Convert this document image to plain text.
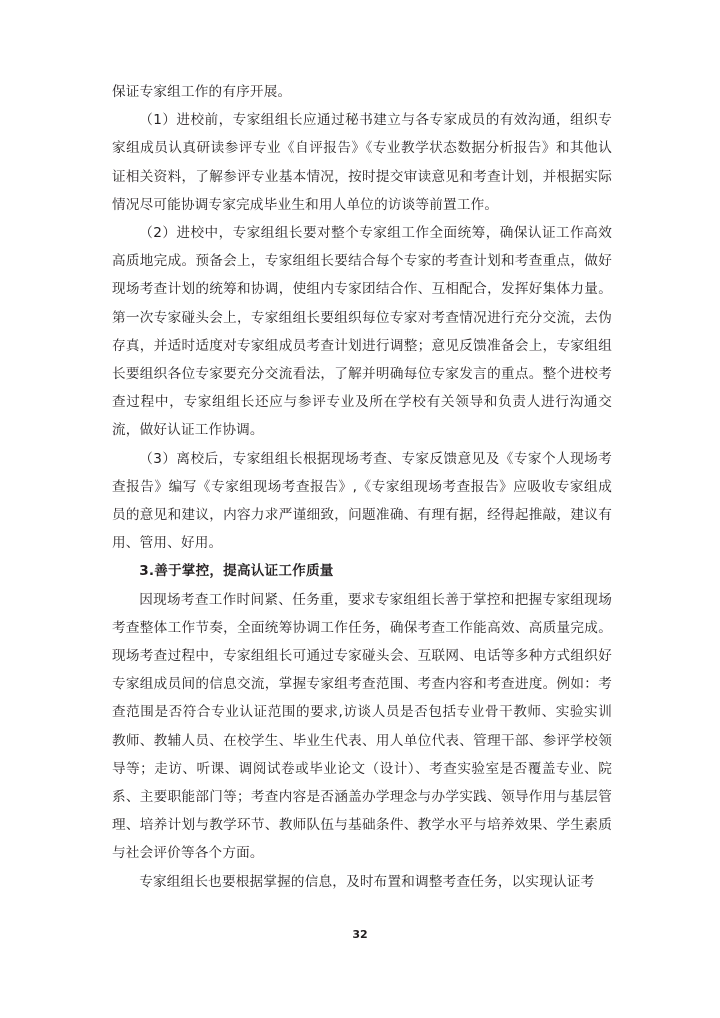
保证专家组工作的有序开展。

（1）进校前，专家组组长应通过秘书建立与各专家成员的有效沟通，组织专家组成员认真研读参评专业《自评报告》《专业教学状态数据分析报告》和其他认证相关资料，了解参评专业基本情况，按时提交审读意见和考查计划，并根据实际情况尽可能协调专家完成毕业生和用人单位的访谈等前置工作。

（2）进校中，专家组组长要对整个专家组工作全面统筹，确保认证工作高效高质地完成。预备会上，专家组组长要结合每个专家的考查计划和考查重点，做好现场考查计划的统筹和协调，使组内专家团结合作、互相配合，发挥好集体力量。第一次专家碰头会上，专家组组长要组织每位专家对考查情况进行充分交流，去伪存真，并适时适度对专家组成员考查计划进行调整；意见反馈准备会上，专家组组长要组织各位专家要充分交流看法，了解并明确每位专家发言的重点。整个进校考查过程中，专家组组长还应与参评专业及所在学校有关领导和负责人进行沟通交流，做好认证工作协调。

（3）离校后，专家组组长根据现场考查、专家反馈意见及《专家个人现场考查报告》编写《专家组现场考查报告》,《专家组现场考查报告》应吸收专家组成员的意见和建议，内容力求严谨细致，问题准确、有理有据，经得起推敲，建议有用、管用、好用。

3.善于掌控，提高认证工作质量

因现场考查工作时间紧、任务重，要求专家组组长善于掌控和把握专家组现场考查整体工作节奏，全面统筹协调工作任务，确保考查工作能高效、高质量完成。现场考查过程中，专家组组长可通过专家碰头会、互联网、电话等多种方式组织好专家组成员间的信息交流，掌握专家组考查范围、考查内容和考查进度。例如：考查范围是否符合专业认证范围的要求,访谈人员是否包括专业骨干教师、实验实训教师、教辅人员、在校学生、毕业生代表、用人单位代表、管理干部、参评学校领导等；走访、听课、调阅试卷或毕业论文（设计）、考查实验室是否覆盖专业、院系、主要职能部门等；考查内容是否涵盖办学理念与办学实践、领导作用与基层管理、培养计划与教学环节、教师队伍与基础条件、教学水平与培养效果、学生素质与社会评价等各个方面。

专家组组长也要根据掌握的信息，及时布置和调整考查任务，以实现认证考

32
